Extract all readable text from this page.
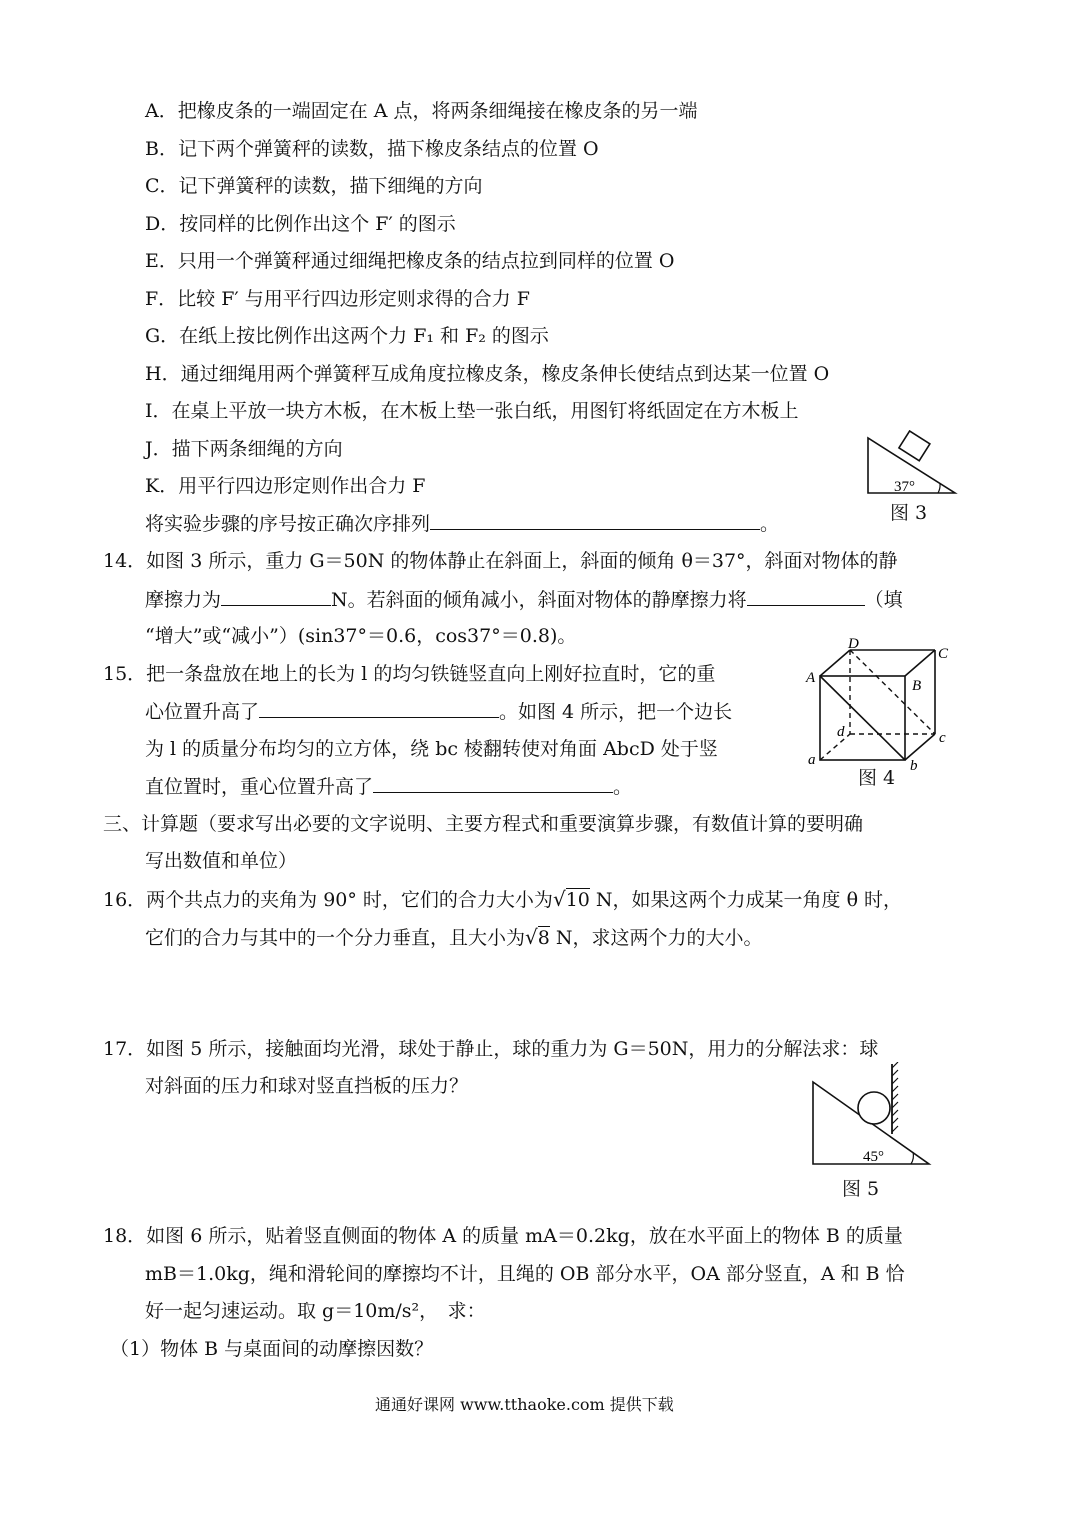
A．把橡皮条的一端固定在 A 点，将两条细绳接在橡皮条的另一端
B．记下两个弹簧秤的读数，描下橡皮条结点的位置 O
C．记下弹簧秤的读数，描下细绳的方向
D．按同样的比例作出这个 F′ 的图示
E．只用一个弹簧秤通过细绳把橡皮条的结点拉到同样的位置 O
F．比较 F′ 与用平行四边形定则求得的合力 F
G．在纸上按比例作出这两个力 F₁ 和 F₂ 的图示
H．通过细绳用两个弹簧秤互成角度拉橡皮条，橡皮条伸长使结点到达某一位置 O
I．在桌上平放一块方木板，在木板上垫一张白纸，用图钉将纸固定在方木板上
J．描下两条细绳的方向
K．用平行四边形定则作出合力 F
将实验步骤的序号按正确次序排列	。
37°
图 3
14．如图 3 所示，重力 G＝50N 的物体静止在斜面上，斜面的倾角 θ＝37°，斜面对物体的静
摩擦力为	N。若斜面的倾角减小，斜面对物体的静摩擦力将	（填
“增大”或“减小”）(sin37°＝0.6，cos37°＝0.8)。
A	B
C
D
a	b
c
d
图 4
15．把一条盘放在地上的长为 l 的均匀铁链竖直向上刚好拉直时，它的重
心位置升高了	。如图 4 所示，把一个边长
为 l 的质量分布均匀的立方体，绕 bc 棱翻转使对角面 AbcD 处于竖
直位置时，重心位置升高了	。
三、计算题（要求写出必要的文字说明、主要方程式和重要演算步骤，有数值计算的要明确
写出数值和单位）
16．两个共点力的夹角为 90° 时，它们的合力大小为√10 N，如果这两个力成某一角度 θ 时，
它们的合力与其中的一个分力垂直，且大小为√8 N，求这两个力的大小。
17．如图 5 所示，接触面均光滑，球处于静止，球的重力为 G＝50N，用力的分解法求：球
对斜面的压力和球对竖直挡板的压力？
45°
图 5
18．如图 6 所示，贴着竖直侧面的物体 A 的质量 mA＝0.2kg，放在水平面上的物体 B 的质量
mB＝1.0kg，绳和滑轮间的摩擦均不计，且绳的 OB 部分水平，OA 部分竖直，A 和 B 恰
好一起匀速运动。取 g＝10m/s²，　求：
（1）物体 B 与桌面间的动摩擦因数？
通通好课网 www.tthaoke.com 提供下载
